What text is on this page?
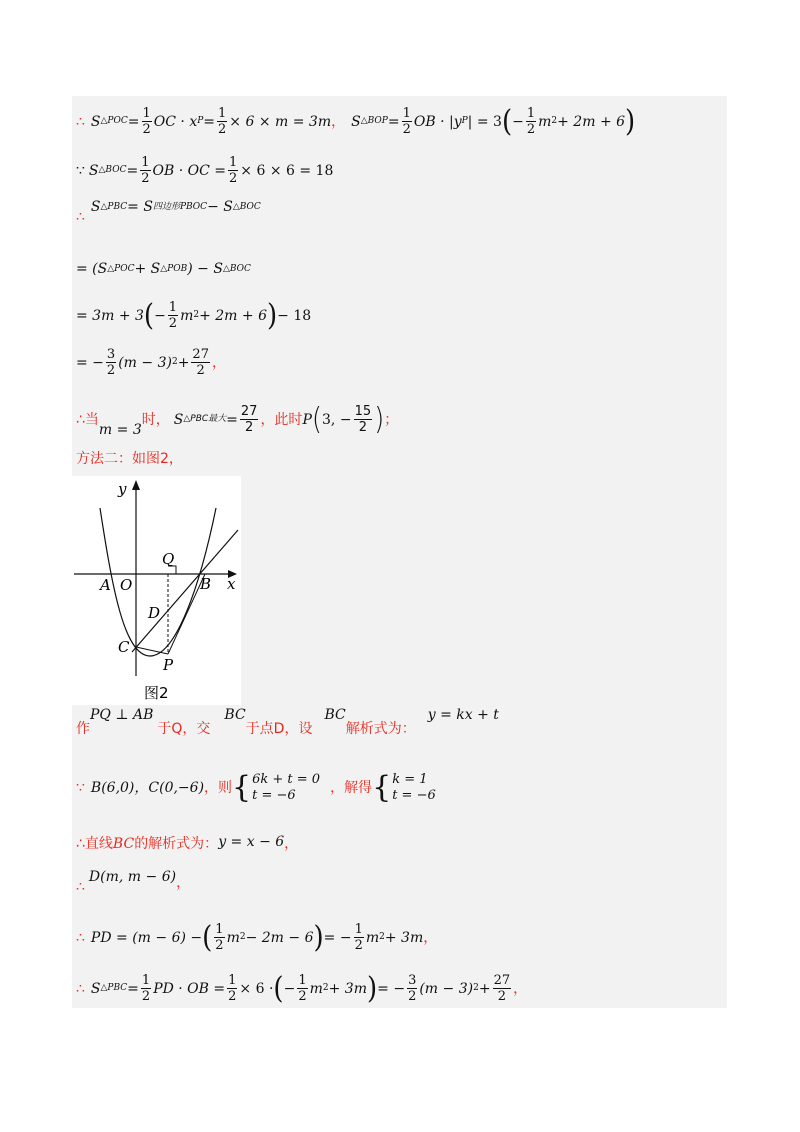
∴ S △POC = $\frac{1}{2}$ OC · x $P = \frac{1}{2} \times 6 \times m = 3m$ ， S △BOP = $\frac{1}{2}$ OB · |y P | = 3 ( − $\frac{1}{2}$ m 2 + 2m + 6 )
∵ S △BOC = $\frac{1}{2}$ OB · OC = $\frac{1}{2} \times 6 \times 6 = 18$
∴
S △PBC = S 四边形PBOC − S △BOC
= (S △POC + S △POB ) − S △BOC
= 3m + 3 ( − $\frac{1}{2}$ m 2 + 2m + 6 ) − 18
= − $\frac{3}{2} (m - 3) 2 + \frac{27}{2}$ ，
∴当
m = 3
时， S △PBC最大 = $\frac{27}{2}$ ，此时 P ( 3, − $\frac{15}{2}$ ) ；
方法二：如图2，
y
x
A O	B
Q
D
C
P
图2
作
PQ ⊥ AB
于Q，交
BC
于点D，设
BC
解析式为：
y = kx + t
∵ B(6,0)，C(0,−6) ，则 { 6k + t = 0
t = −6	，解得 { k = 1
t = −6
∴直线 BC 的解析式为： y = x − 6 ，
∴
D(m, m − 6) ，
∴ PD = (m − 6) − ( $\frac{1}{2}$ m 2 − 2m − 6 ) = − $\frac{1}{2}$ m 2 + 3m ，
∴ S △PBC = $\frac{1}{2}$ PD · OB = $\frac{1}{2} \times 6$ · ( − $\frac{1}{2}$ m 2 + 3m ) = − $\frac{3}{2} (m - 3) 2 + \frac{27}{2}$ ，
